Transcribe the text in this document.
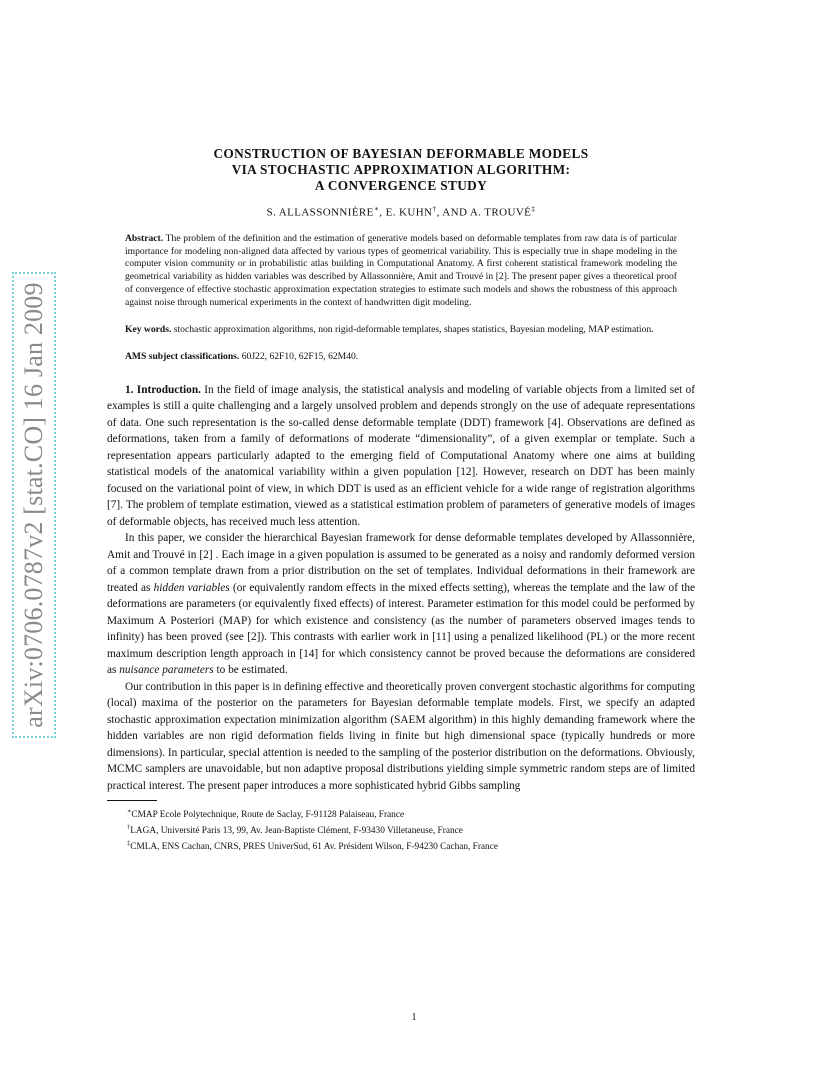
arXiv:0706.0787v2 [stat.CO] 16 Jan 2009
CONSTRUCTION OF BAYESIAN DEFORMABLE MODELS
VIA STOCHASTIC APPROXIMATION ALGORITHM:
A CONVERGENCE STUDY
S. ALLASSONNIÈRE∗, E. KUHN†, AND A. TROUVÉ‡
Abstract. The problem of the definition and the estimation of generative models based on deformable templates from raw data is of particular importance for modeling non-aligned data affected by various types of geometrical variability. This is especially true in shape modeling in the computer vision community or in probabilistic atlas building in Computational Anatomy. A first coherent statistical framework modeling the geometrical variability as hidden variables was described by Allassonnière, Amit and Trouvé in [2]. The present paper gives a theoretical proof of convergence of effective stochastic approximation expectation strategies to estimate such models and shows the robustness of this approach against noise through numerical experiments in the context of handwritten digit modeling.
Key words. stochastic approximation algorithms, non rigid-deformable templates, shapes statistics, Bayesian modeling, MAP estimation.
AMS subject classifications. 60J22, 62F10, 62F15, 62M40.

1. Introduction. In the field of image analysis, the statistical analysis and modeling of variable objects from a limited set of examples is still a quite challenging and a largely unsolved problem and depends strongly on the use of adequate representations of data. One such representation is the so-called dense deformable template (DDT) framework [4]. Observations are defined as deformations, taken from a family of deformations of moderate “dimensionality”, of a given exemplar or template. Such a representation appears particularly adapted to the emerging field of Computational Anatomy where one aims at building statistical models of the anatomical variability within a given population [12]. However, research on DDT has been mainly focused on the variational point of view, in which DDT is used as an efficient vehicle for a wide range of registration algorithms [7]. The problem of template estimation, viewed as a statistical estimation problem of parameters of generative models of images of deformable objects, has received much less attention.

In this paper, we consider the hierarchical Bayesian framework for dense deformable templates developed by Allassonnière, Amit and Trouvé in [2] . Each image in a given population is assumed to be generated as a noisy and randomly deformed version of a common template drawn from a prior distribution on the set of templates. Individual deformations in their framework are treated as hidden variables (or equivalently random effects in the mixed effects setting), whereas the template and the law of the deformations are parameters (or equivalently fixed effects) of interest. Parameter estimation for this model could be performed by Maximum A Posteriori (MAP) for which existence and consistency (as the number of parameters observed images tends to infinity) has been proved (see [2]). This contrasts with earlier work in [11] using a penalized likelihood (PL) or the more recent maximum description length approach in [14] for which consistency cannot be proved because the deformations are considered as nuisance parameters to be estimated.

Our contribution in this paper is in defining effective and theoretically proven convergent stochastic algorithms for computing (local) maxima of the posterior on the parameters for Bayesian deformable template models. First, we specify an adapted stochastic approximation expectation minimization algorithm (SAEM algorithm) in this highly demanding framework where the hidden variables are non rigid deformation fields living in finite but high dimensional space (typically hundreds or more dimensions). In particular, special attention is needed to the sampling of the posterior distribution on the deformations. Obviously, MCMC samplers are unavoidable, but non adaptive proposal distributions yielding simple symmetric random steps are of limited practical interest. The present paper introduces a more sophisticated hybrid Gibbs sampling

∗CMAP Ecole Polytechnique, Route de Saclay, F-91128 Palaiseau, France
†LAGA, Université Paris 13, 99, Av. Jean-Baptiste Clément, F-93430 Villetaneuse, France
‡CMLA, ENS Cachan, CNRS, PRES UniverSud, 61 Av. Président Wilson, F-94230 Cachan, France
1
